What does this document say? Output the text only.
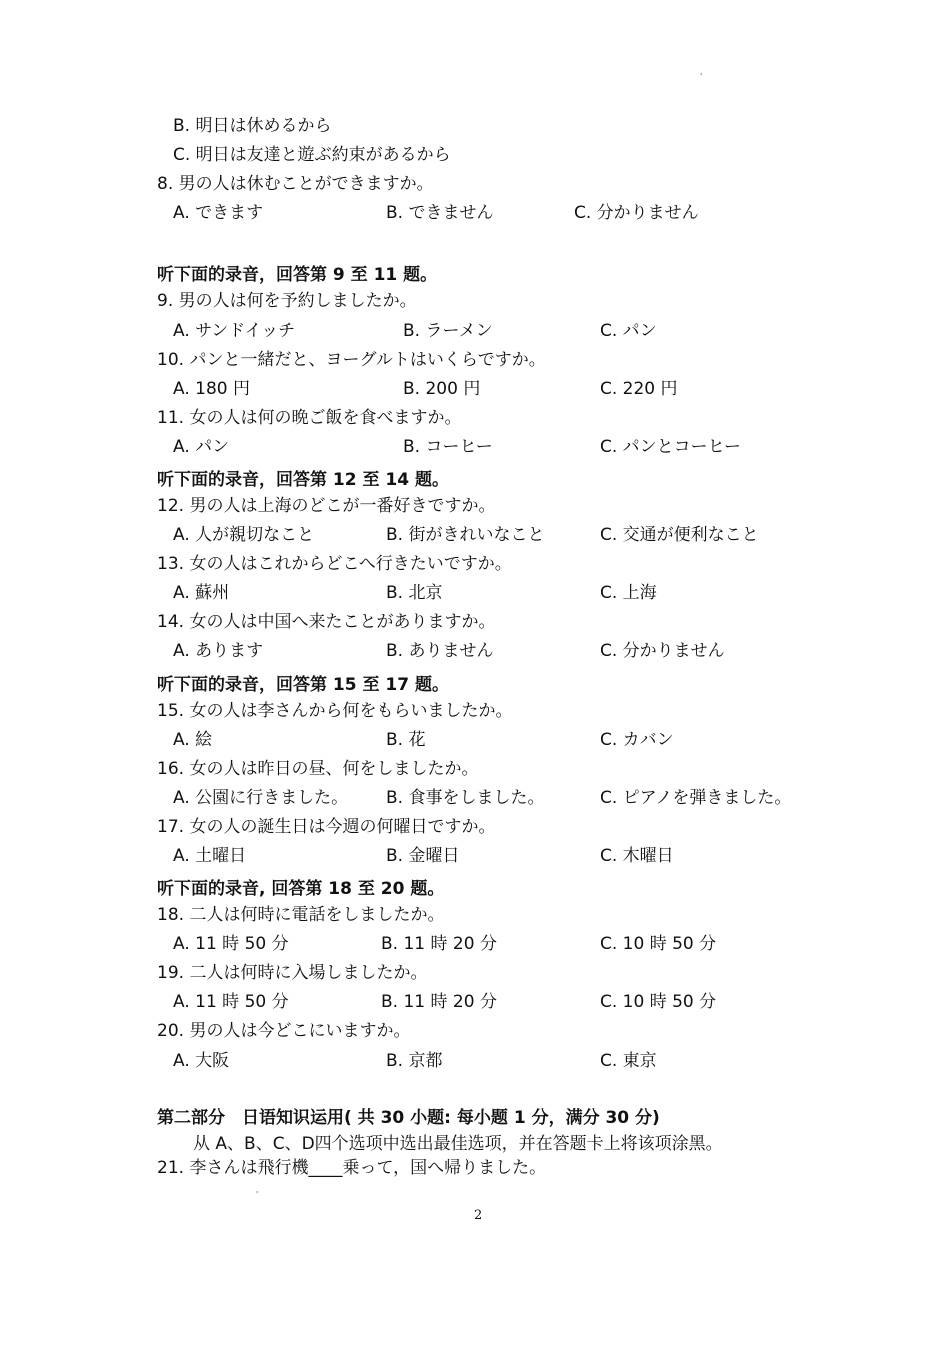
'
B. 明日は休めるから
C. 明日は友達と遊ぶ約束があるから
8. 男の人は休むことができますか。
A. できます	B. できません	C. 分かりません
听下面的录音，回答第 9 至 11 题。
9. 男の人は何を予約しましたか。
A. サンドイッチ	B. ラーメン	C. パン
10. パンと一緒だと、ヨーグルトはいくらですか。
A. 180 円	B. 200 円	C. 220 円
11. 女の人は何の晩ご飯を食べますか。
A. パン	B. コーヒー	C. パンとコーヒー
听下面的录音，回答第 12 至 14 题。
12. 男の人は上海のどこが一番好きですか。
A. 人が親切なこと	B. 街がきれいなこと	C. 交通が便利なこと
13. 女の人はこれからどこへ行きたいですか。
A. 蘇州	B. 北京	C. 上海
14. 女の人は中国へ来たことがありますか。
A. あります	B. ありません	C. 分かりません
听下面的录音，回答第 15 至 17 题。
15. 女の人は李さんから何をもらいましたか。
A. 絵	B. 花	C. カバン
16. 女の人は昨日の昼、何をしましたか。
A. 公園に行きました。 B. 食事をしました。	C. ピアノを弾きました。
17. 女の人の誕生日は今週の何曜日ですか。
A. 土曜日	B. 金曜日	C. 木曜日
听下面的录音, 回答第 18 至 20 题。
18. 二人は何時に電話をしましたか。
A. 11 時 50 分	B. 11 時 20 分	C. 10 時 50 分
19. 二人は何時に入場しましたか。
A. 11 時 50 分	B. 11 時 20 分	C. 10 時 50 分
20. 男の人は今どこにいますか。
A. 大阪	B. 京都	C. 東京
第二部分　日语知识运用( 共 30 小题: 每小题 1 分，满分 30 分)
从 A、B、C、D四个选项中选出最佳选项，并在答题卡上将该项涂黑。
21. 李さんは飛行機____乗って，国へ帰りました。
'
2
